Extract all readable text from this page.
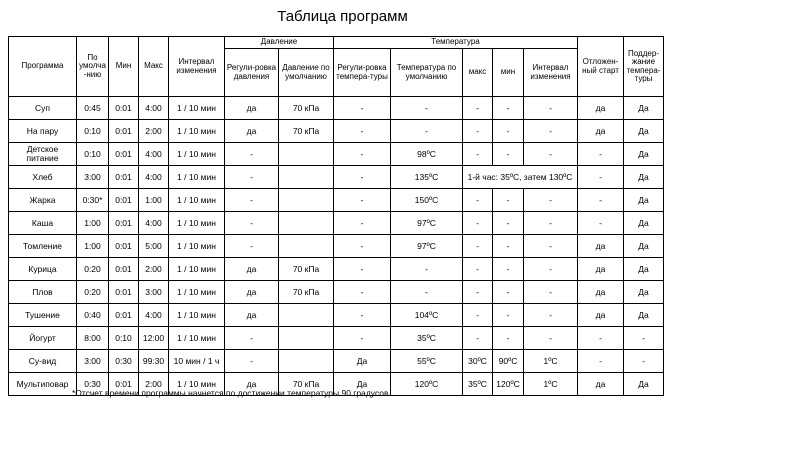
Таблица программ
Программа	По умолча-нию	Мин	Макс	Интервал изменения	Давление		Температура					Отложен-ный старт	Поддер-жание темпера-туры
					Регули-ровка давления	Давление по умолчанию	Регули-ровка темпера-туры	Температура по умолчанию	макс	мин	Интервал изменения		
Суп	0:45	0:01	4:00	1 / 10 мин	да	70 кПа	-	-	-	-	-	да	Да
На пару	0:10	0:01	2:00	1 / 10 мин	да	70 кПа	-	-	-	-	-	да	Да
Детское питание	0:10	0:01	4:00	1 / 10 мин	-		-	98ºC	-	-	-	-	Да
Хлеб	3:00	0:01	4:00	1 / 10 мин	-		-	135ºC	1-й час: 35ºC, затем 130ºC			-	Да
Жарка	0:30*	0:01	1:00	1 / 10 мин	-		-	150ºC	-	-	-	-	Да
Каша	1:00	0:01	4:00	1 / 10 мин	-		-	97ºC	-	-	-	-	Да
Томление	1:00	0:01	5:00	1 / 10 мин	-		-	97ºC	-	-	-	да	Да
Курица	0:20	0:01	2:00	1 / 10 мин	да	70 кПа	-	-	-	-	-	да	Да
Плов	0:20	0:01	3:00	1 / 10 мин	да	70 кПа	-	-	-	-	-	да	Да
Тушение	0:40	0:01	4:00	1 / 10 мин	да		-	104ºC	-	-	-	да	Да
Йогурт	8:00	0:10	12:00	1 / 10 мин	-		-	35ºC	-	-	-	-	-
Су-вид	3:00	0:30	99:30	10 мин / 1 ч	-		Да	55ºC	30ºC	90ºC	1ºC	-	-
Мультиповар	0:30	0:01	2:00	1 / 10 мин	да	70 кПа	Да	120ºC	35ºC	120ºC	1ºC	да	Да
*Отсчет времени программы начнется по достижении температуры 90 градусов.
